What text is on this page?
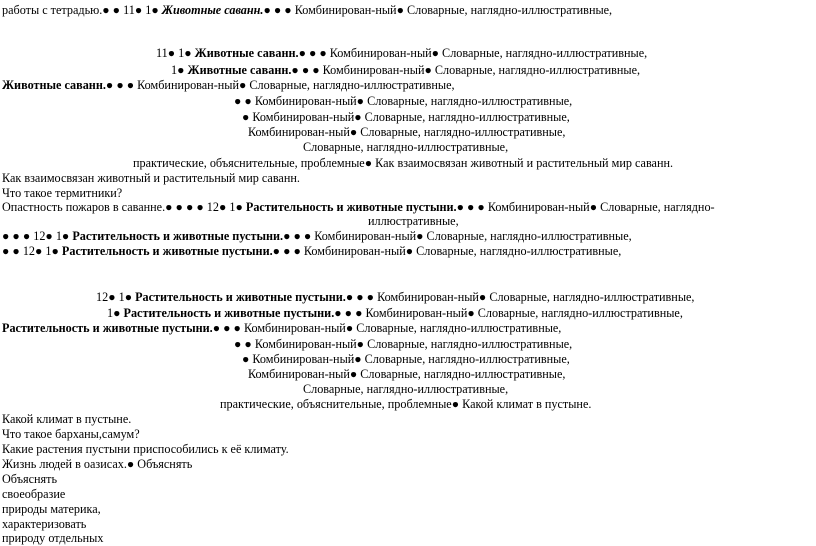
работы с тетрадью.● ● 11● 1● Животные саванн.● ● ● Комбинирован-ный● Словарные, наглядно-иллюстративные,
11● 1● Животные саванн.● ● ● Комбинирован-ный● Словарные, наглядно-иллюстративные,
1● Животные саванн.● ● ● Комбинирован-ный● Словарные, наглядно-иллюстративные,
Животные саванн.● ● ● Комбинирован-ный● Словарные, наглядно-иллюстративные,
● ● Комбинирован-ный● Словарные, наглядно-иллюстративные,
● Комбинирован-ный● Словарные, наглядно-иллюстративные,
Комбинирован-ный● Словарные, наглядно-иллюстративные,
Словарные, наглядно-иллюстративные,
практические, объяснительные, проблемные● Как взаимосвязан животный и растительный мир саванн.
Как взаимосвязан животный и растительный мир саванн.
Что такое термитники?
Опастность пожаров в саванне.● ● ● ● 12● 1● Растительность и животные пустыни.● ● ● Комбинирован-ный● Словарные, наглядно-
иллюстративные,
● ● ● 12● 1● Растительность и животные пустыни.● ● ● Комбинирован-ный● Словарные, наглядно-иллюстративные,
● ● 12● 1● Растительность и животные пустыни.● ● ● Комбинирован-ный● Словарные, наглядно-иллюстративные,
12● 1● Растительность и животные пустыни.● ● ● Комбинирован-ный● Словарные, наглядно-иллюстративные,
1● Растительность и животные пустыни.● ● ● Комбинирован-ный● Словарные, наглядно-иллюстративные,
Растительность и животные пустыни.● ● ● Комбинирован-ный● Словарные, наглядно-иллюстративные,
● ● Комбинирован-ный● Словарные, наглядно-иллюстративные,
● Комбинирован-ный● Словарные, наглядно-иллюстративные,
Комбинирован-ный● Словарные, наглядно-иллюстративные,
Словарные, наглядно-иллюстративные,
практические, объяснительные, проблемные● Какой климат в пустыне.
Какой климат в пустыне.
Что такое барханы,самум?
Какие растения пустыни приспособились к её климату.
Жизнь людей в оазисах.● Объяснять
Объяснять
своеобразие
природы материка,
характеризовать
природу отдельных
